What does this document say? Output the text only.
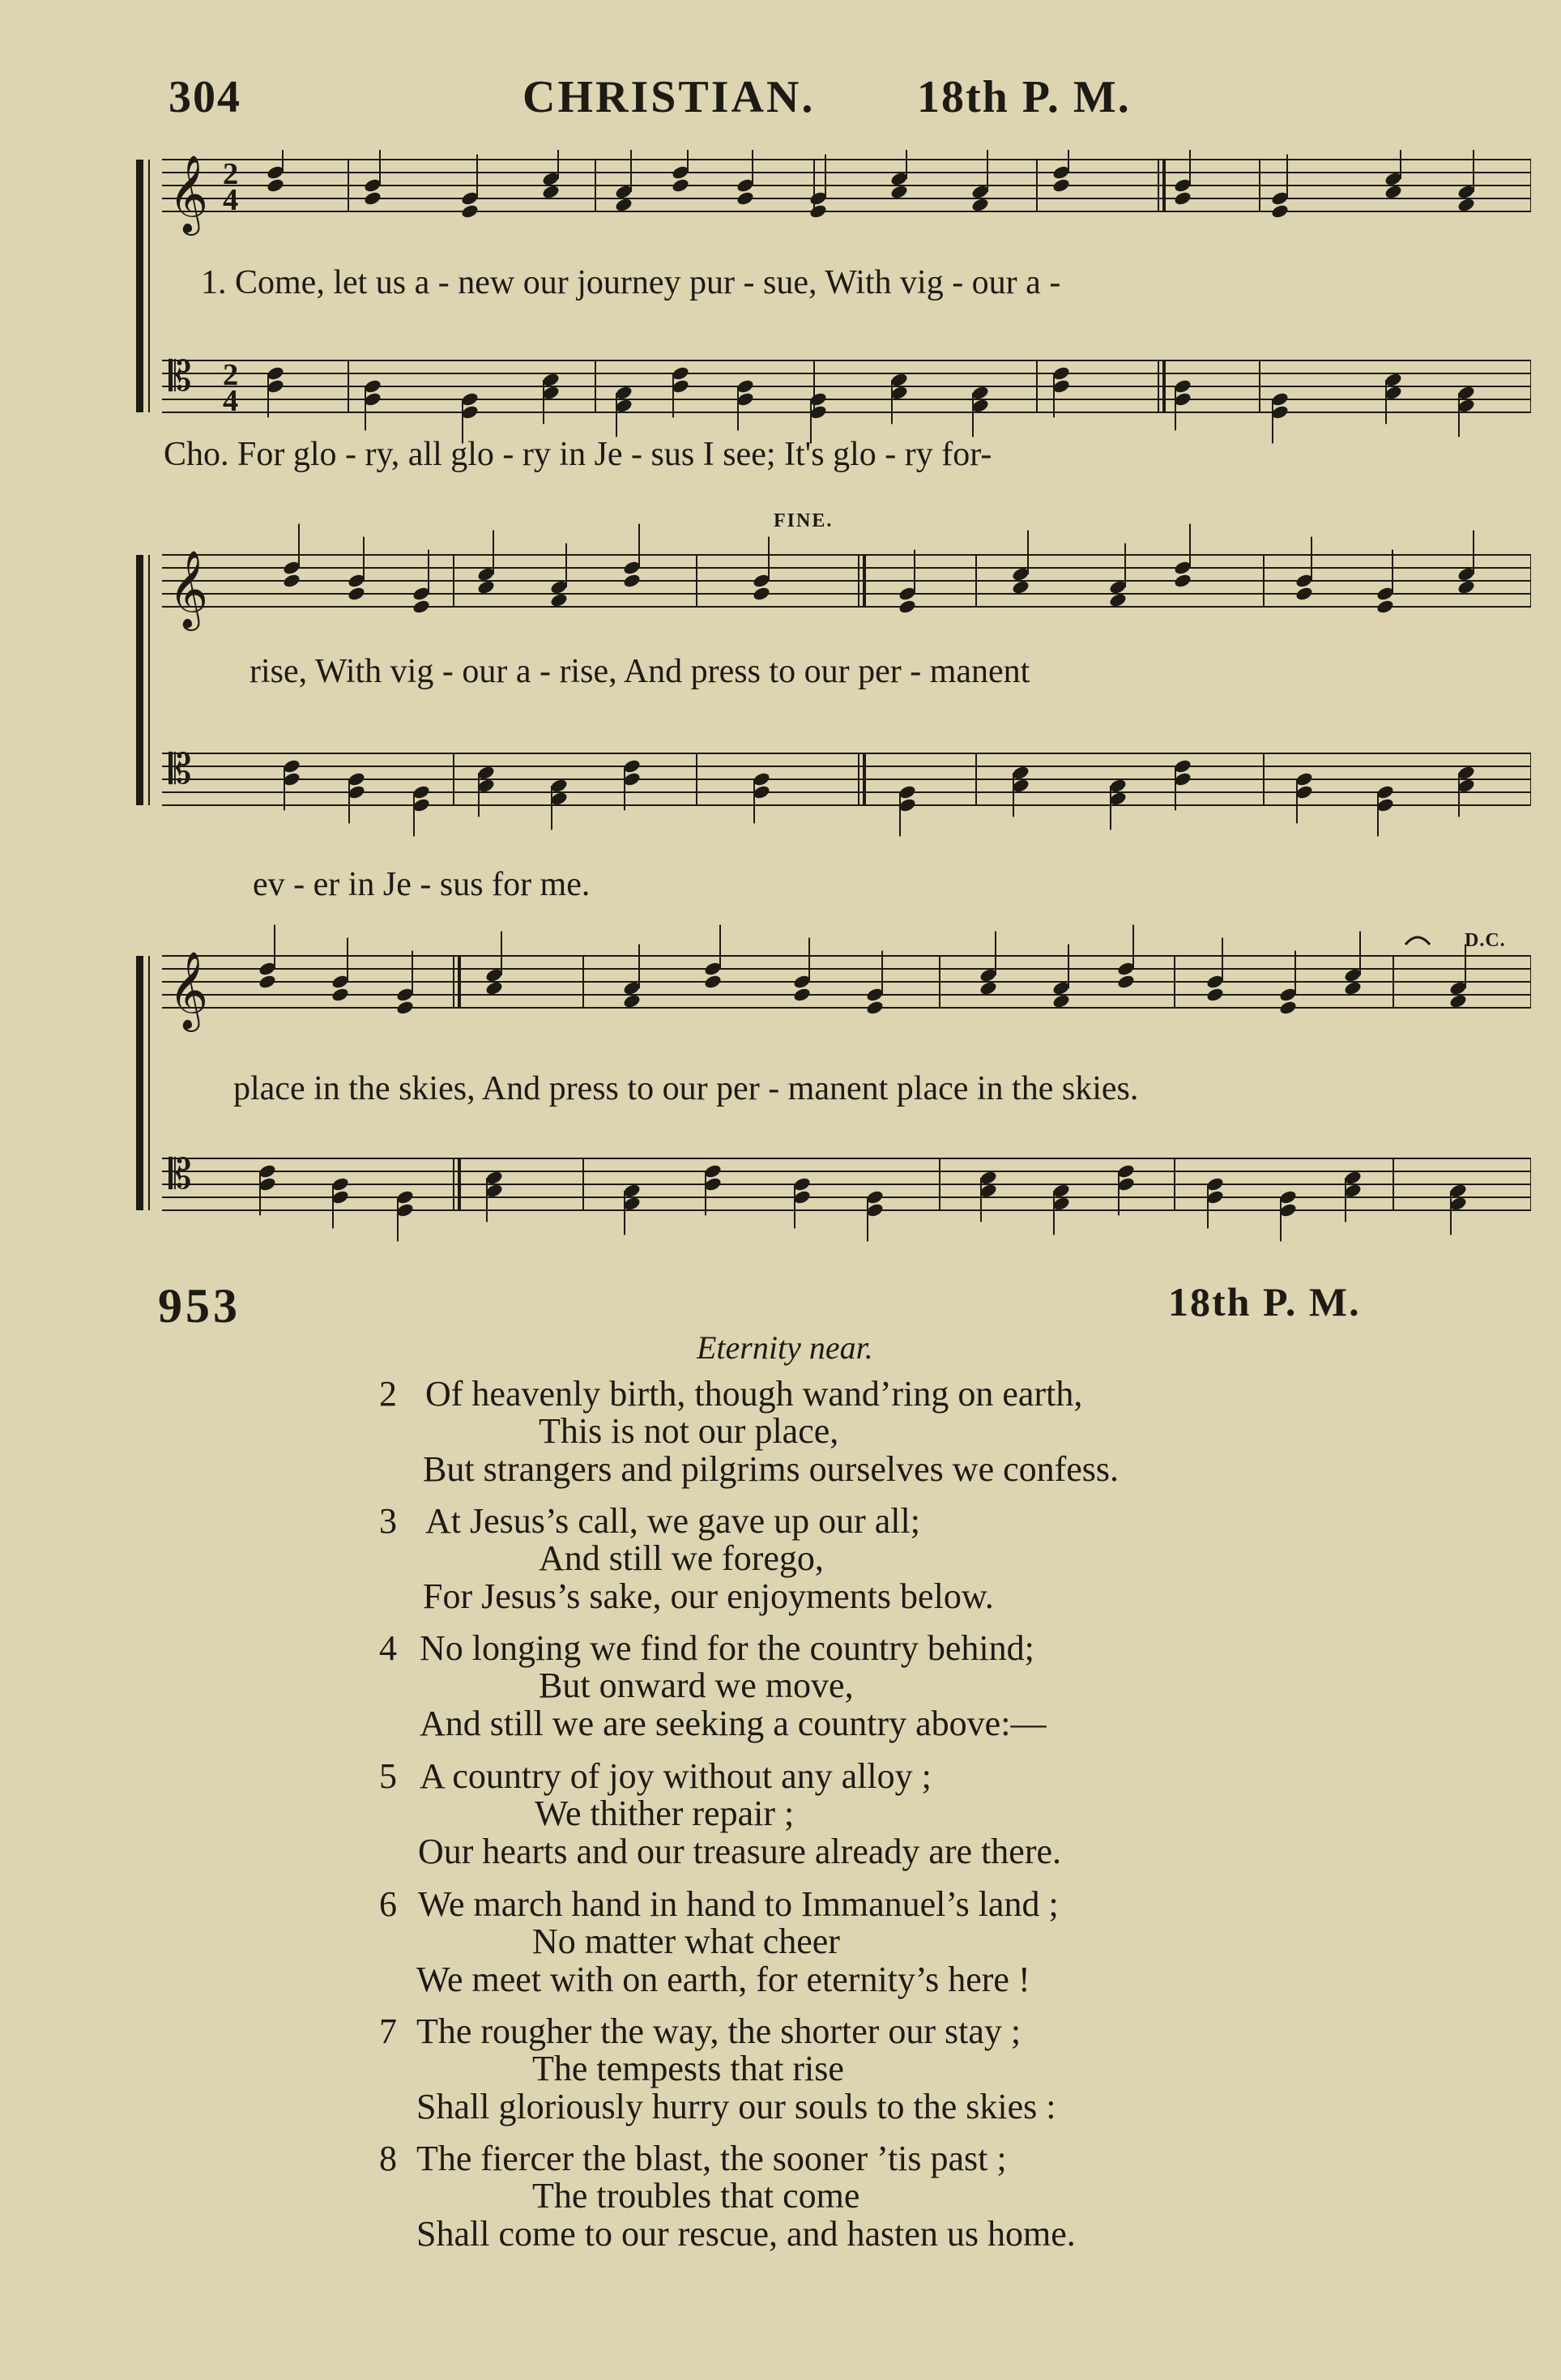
304	CHRISTIAN. 18th P. M.
𝄞
𝄡
2
4
2
4
1. Come, let us a - new our journey pur - sue, With vig - our a -
Cho. For glo - ry, all glo - ry in Je - sus I see; It's glo - ry for-
𝄞
𝄡
FINE.
rise, With vig - our a - rise, And press to our per - manent
ev - er in Je - sus for me.
𝄞
𝄡
D.C.
place in the skies, And press to our per - manent place in the skies.
953	18th P. M.
Eternity near.
2 Of heavenly birth, though wand’ring on earth,
This is not our place,
But strangers and pilgrims ourselves we confess.
3 At Jesus’s call, we gave up our all;
And still we forego,
For Jesus’s sake, our enjoyments below.
4 No longing we find for the country behind;
But onward we move,
And still we are seeking a country above:—
5 A country of joy without any alloy ;
We thither repair ;
Our hearts and our treasure already are there.
6 We march hand in hand to Immanuel’s land ;
No matter what cheer
We meet with on earth, for eternity’s here !
7 The rougher the way, the shorter our stay ;
The tempests that rise
Shall gloriously hurry our souls to the skies :
8 The fiercer the blast, the sooner ’tis past ;
The troubles that come
Shall come to our rescue, and hasten us home.
